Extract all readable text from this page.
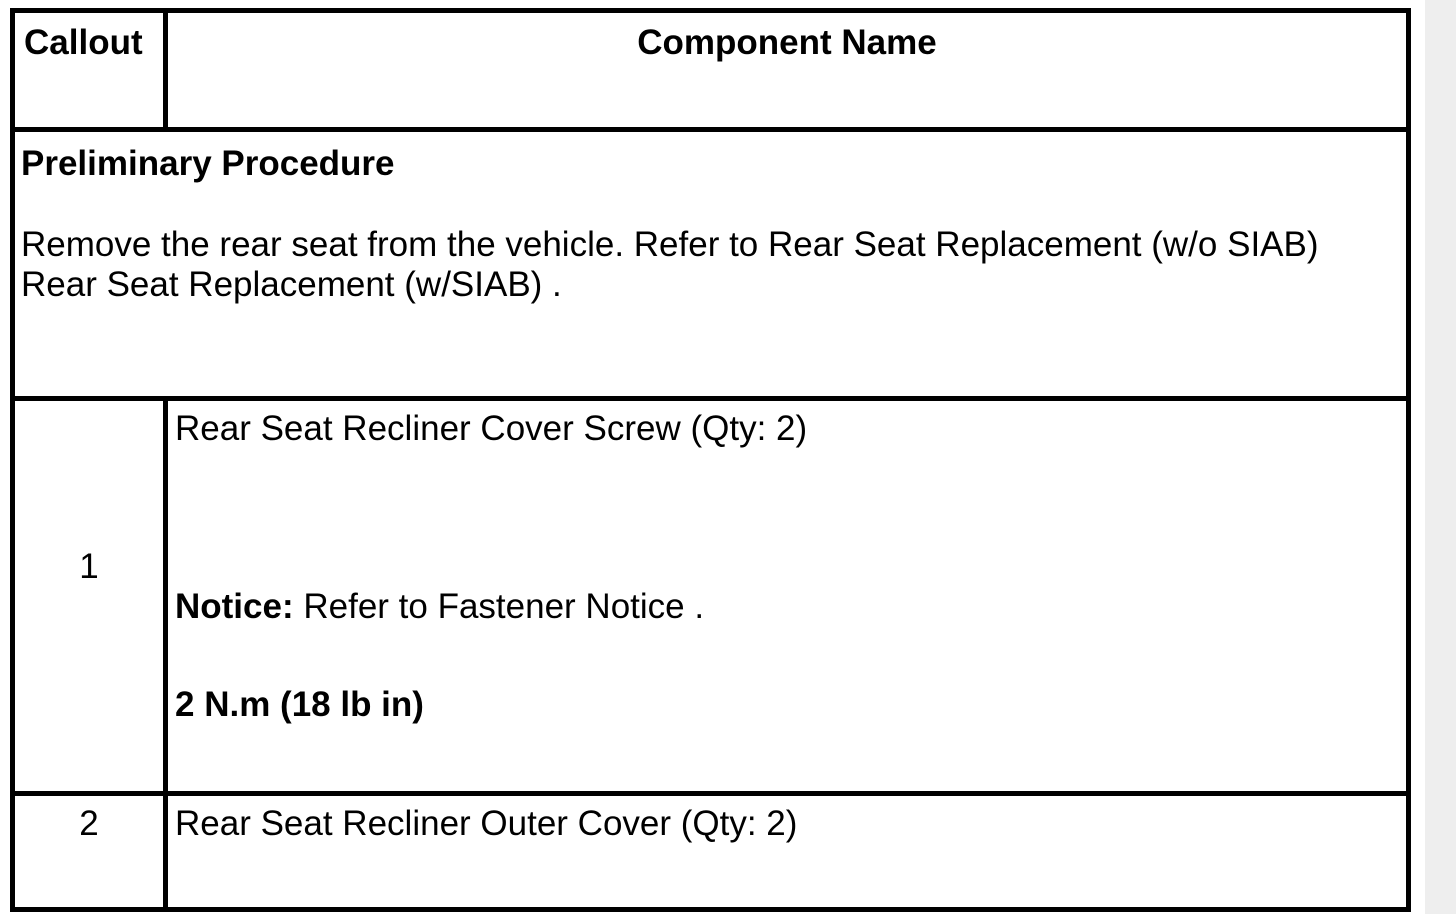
Callout	Component Name

Preliminary Procedure

Remove the rear seat from the vehicle. Refer to Rear Seat Replacement (w/o SIAB) Rear Seat Replacement (w/SIAB) .	

1	Rear Seat Recliner Cover Screw (Qty: 2)

Notice: Refer to Fastener Notice .

2 N.m (18 lb in)

2	Rear Seat Recliner Outer Cover (Qty: 2)
